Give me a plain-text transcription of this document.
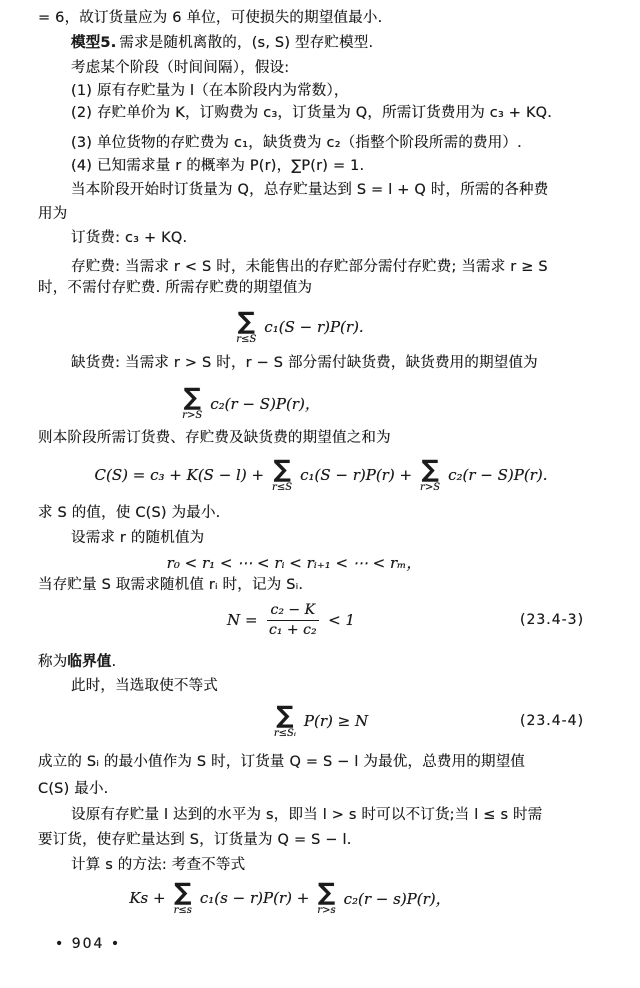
= 6，故订货量应为 6 单位，可使损失的期望值最小.
模型5. 需求是随机离散的，(s, S) 型存贮模型.
考虑某个阶段（时间间隔），假设:
(1) 原有存贮量为 l（在本阶段内为常数），
(2) 存贮单价为 K，订购费为 c₃，订货量为 Q，所需订货费用为 c₃ + KQ.
(3) 单位货物的存贮费为 c₁，缺货费为 c₂（指整个阶段所需的费用）.
(4) 已知需求量 r 的概率为 P(r)，∑P(r) = 1.
当本阶段开始时订货量为 Q，总存贮量达到 S = l + Q 时，所需的各种费
用为
订货费: c₃ + KQ.
存贮费: 当需求 r < S 时，未能售出的存贮部分需付存贮费; 当需求 r ≥ S
时，不需付存贮费. 所需存贮费的期望值为
∑
r≤S
c₁(S − r)P(r).
缺货费: 当需求 r > S 时，r − S 部分需付缺货费，缺货费用的期望值为
∑
r>S
c₂(r − S)P(r)，
则本阶段所需订货费、存贮费及缺货费的期望值之和为
C(S) = c₃ + K(S − l) + ∑
r≤S
c₁(S − r)P(r) + ∑
r>S
c₂(r − S)P(r).
求 S 的值，使 C(S) 为最小.
设需求 r 的随机值为
r₀ < r₁ < ⋯ < rᵢ < rᵢ₊₁ < ⋯ < rₘ，
当存贮量 S 取需求随机值 rᵢ 时，记为 Sᵢ.
$N = \frac{\text{c₂ − K}}{\text{c₁ + c₂}} < 1$	(23.4-3)
称为临界值.
此时，当选取使不等式
∑
r≤Sᵢ
P(r) ≥ N	(23.4-4)
成立的 Sᵢ 的最小值作为 S 时，订货量 Q = S − l 为最优，总费用的期望值
C(S) 最小.
设原有存贮量 l 达到的水平为 s，即当 l > s 时可以不订货;当 l ≤ s 时需
要订货，使存贮量达到 S，订货量为 Q = S − l.
计算 s 的方法: 考查不等式
Ks + ∑
r≤s
c₁(s − r)P(r) + ∑
r>s
c₂(r − s)P(r)，
• 904 •
